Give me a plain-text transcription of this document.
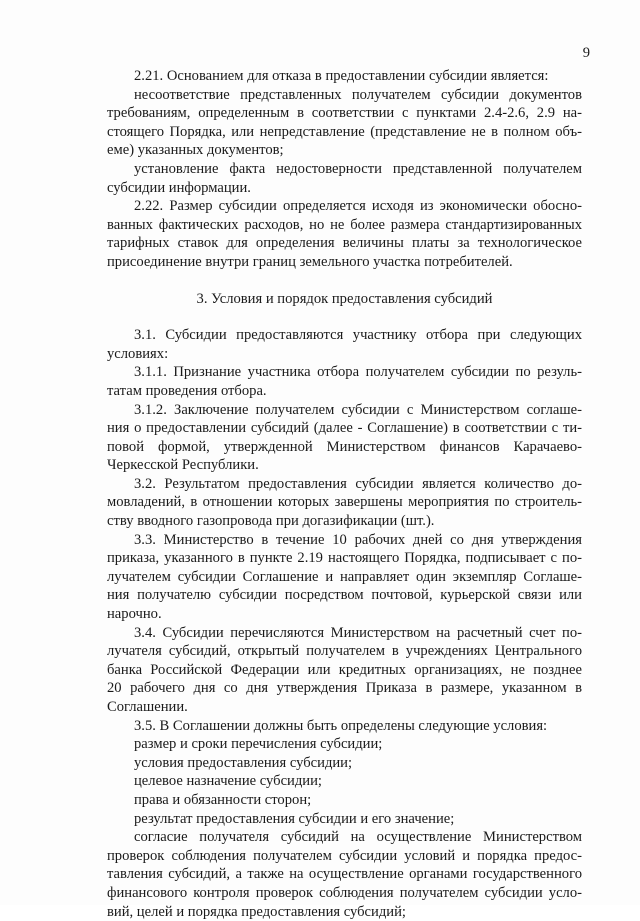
9
2.21. Основанием для отказа в предоставлении субсидии является:
несоответствие представленных получателем субсидии документов
требованиям, определенным в соответствии с пунктами 2.4-2.6, 2.9 на-
стоящего Порядка, или непредставление (представление не в полном объ-
еме) указанных документов;
установление факта недостоверности представленной получателем
субсидии информации.
2.22. Размер субсидии определяется исходя из экономически обосно-
ванных фактических расходов, но не более размера стандартизированных
тарифных ставок для определения величины платы за технологическое
присоединение внутри границ земельного участка потребителей.
3. Условия и порядок предоставления субсидий
3.1. Субсидии предоставляются участнику отбора при следующих
условиях:
3.1.1. Признание участника отбора получателем субсидии по резуль-
татам проведения отбора.
3.1.2. Заключение получателем субсидии с Министерством соглаше-
ния о предоставлении субсидий (далее - Соглашение) в соответствии с ти-
повой формой, утвержденной Министерством финансов Карачаево-
Черкесской Республики.
3.2. Результатом предоставления субсидии является количество до-
мовладений, в отношении которых завершены мероприятия по строитель-
ству вводного газопровода при догазификации (шт.).
3.3. Министерство в течение 10 рабочих дней со дня утверждения
приказа, указанного в пункте 2.19 настоящего Порядка, подписывает с по-
лучателем субсидии Соглашение и направляет один экземпляр Соглаше-
ния получателю субсидии посредством почтовой, курьерской связи или
нарочно.
3.4. Субсидии перечисляются Министерством на расчетный счет по-
лучателя субсидий, открытый получателем в учреждениях Центрального
банка Российской Федерации или кредитных организациях, не позднее
20 рабочего дня со дня утверждения Приказа в размере, указанном в
Соглашении.
3.5. В Соглашении должны быть определены следующие условия:
размер и сроки перечисления субсидии;
условия предоставления субсидии;
целевое назначение субсидии;
права и обязанности сторон;
результат предоставления субсидии и его значение;
согласие получателя субсидий на осуществление Министерством
проверок соблюдения получателем субсидии условий и порядка предос-
тавления субсидий, а также на осуществление органами государственного
финансового контроля проверок соблюдения получателем субсидии усло-
вий, целей и порядка предоставления субсидий;
